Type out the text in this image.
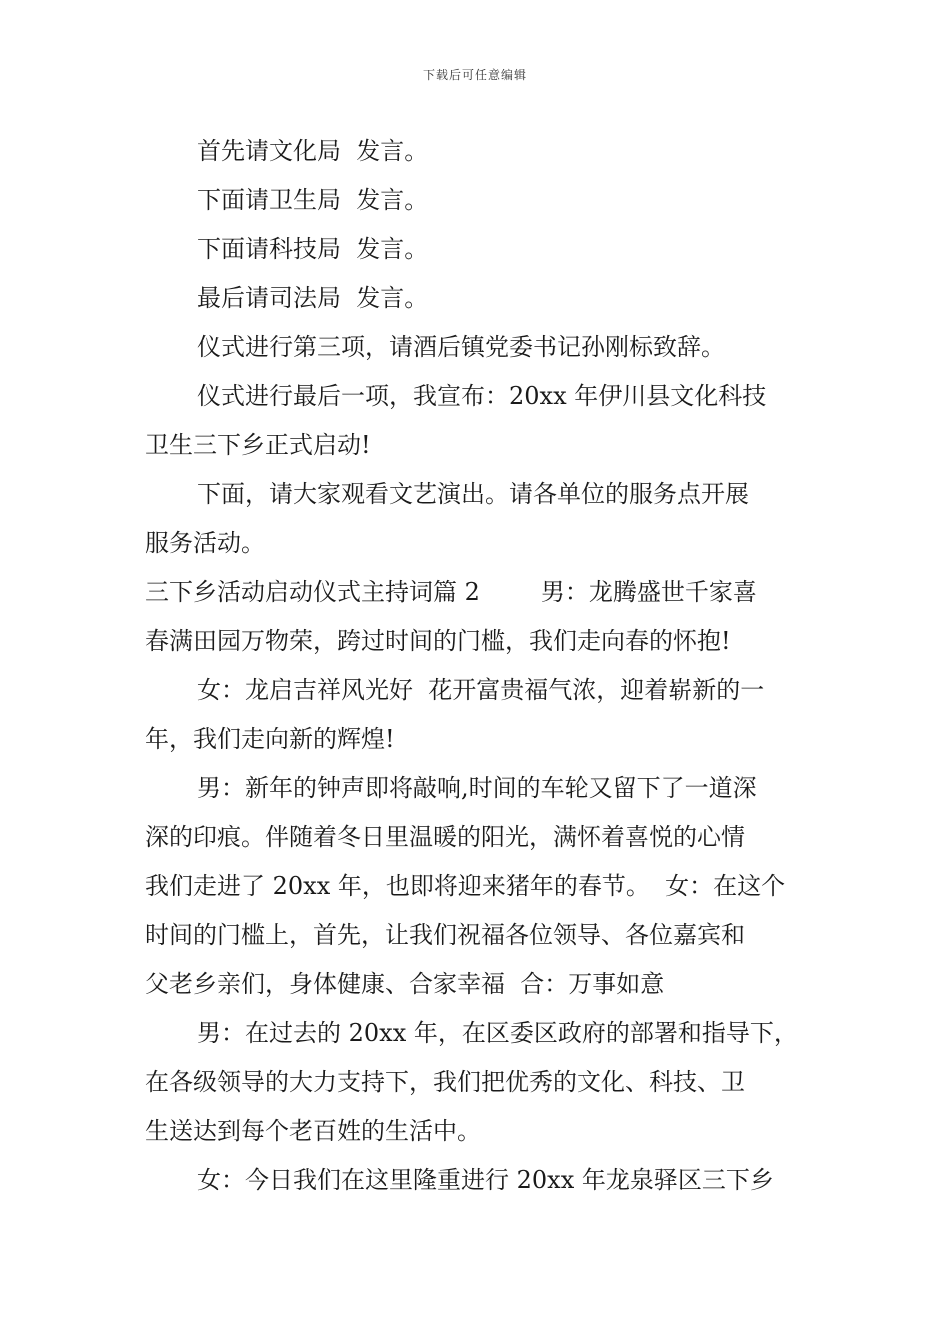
下载后可任意编辑
首先请文化局  发言。
下面请卫生局  发言。
下面请科技局  发言。
最后请司法局  发言。
仪式进行第三项，请酒后镇党委书记孙刚标致辞。
仪式进行最后一项，我宣布：20xx 年伊川县文化科技
卫生三下乡正式启动!
下面，请大家观看文艺演出。请各单位的服务点开展
服务活动。
三下乡活动启动仪式主持词篇 2        男：龙腾盛世千家喜
春满田园万物荣，跨过时间的门槛，我们走向春的怀抱!
女：龙启吉祥风光好  花开富贵福气浓，迎着崭新的一
年，我们走向新的辉煌!
男：新年的钟声即将敲响,时间的车轮又留下了一道深
深的印痕。伴随着冬日里温暖的阳光，满怀着喜悦的心情
我们走进了 20xx 年，也即将迎来猪年的春节。  女：在这个
时间的门槛上，首先，让我们祝福各位领导、各位嘉宾和
父老乡亲们，身体健康、合家幸福  合：万事如意
男：在过去的 20xx 年，在区委区政府的部署和指导下，
在各级领导的大力支持下，我们把优秀的文化、科技、卫
生送达到每个老百姓的生活中。
女：今日我们在这里隆重进行 20xx 年龙泉驿区三下乡
